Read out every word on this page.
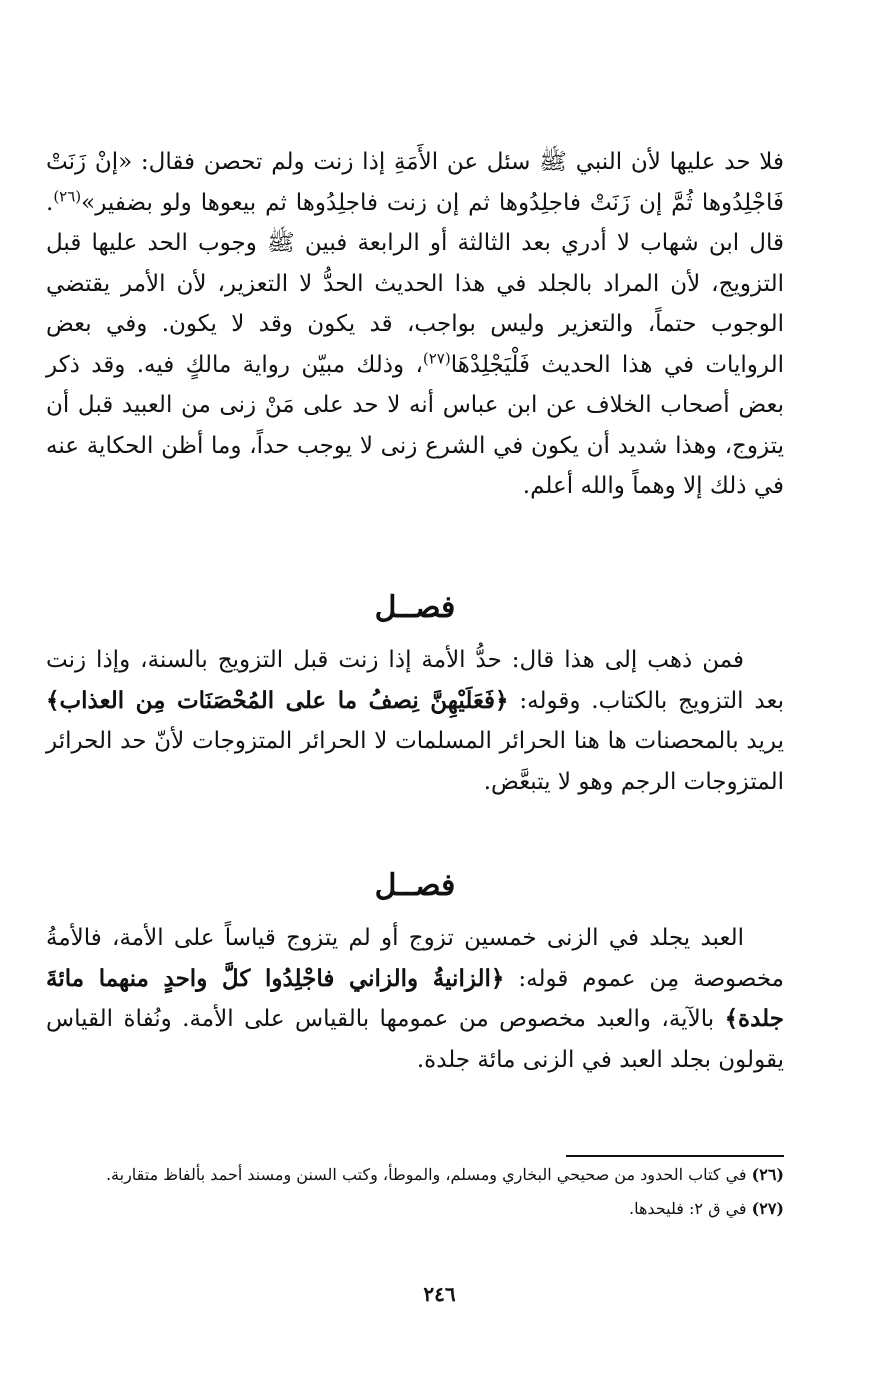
فلا حد عليها لأن النبي ﷺ سئل عن الأَمَةِ إذا زنت ولم تحصن فقال: «إنْ زَنَتْ فَاجْلِدُوها ثُمَّ إن زَنَتْ فاجلِدُوها ثم إن زنت فاجلِدُوها ثم بيعوها ولو بضفير»$^{(٢٦)}$. قال ابن شهاب لا أدري بعد الثالثة أو الرابعة فبين ﷺ وجوب الحد عليها قبل التزويج، لأن المراد بالجلد في هذا الحديث الحدُّ لا التعزير، لأن الأمر يقتضي الوجوب حتماً، والتعزير وليس بواجب، قد يكون وقد لا يكون. وفي بعض الروايات في هذا الحديث فَلْيَجْلِدْهَا$^{(٢٧)}$، وذلك مبيّن رواية مالكٍ فيه. وقد ذكر بعض أصحاب الخلاف عن ابن عباس أنه لا حد على مَنْ زنى من العبيد قبل أن يتزوج، وهذا شديد أن يكون في الشرع زنى لا يوجب حداً، وما أظن الحكاية عنه في ذلك إلا وهماً والله أعلم.
فصــل
فمن ذهب إلى هذا قال: حدُّ الأمة إذا زنت قبل التزويج بالسنة، وإذا زنت بعد التزويج بالكتاب. وقوله: ﴿فَعَلَيْهِنَّ نِصفُ ما على المُحْصَنَات مِن العذاب﴾ يريد بالمحصنات ها هنا الحرائر المسلمات لا الحرائر المتزوجات لأنّ حد الحرائر المتزوجات الرجم وهو لا يتبعَّض.
فصــل
العبد يجلد في الزنى خمسين تزوج أو لم يتزوج قياساً على الأمة، فالأمةُ مخصوصة مِن عموم قوله: ﴿الزانيةُ والزاني فاجْلِدُوا كلَّ واحدٍ منهما مائةَ جلدة﴾ بالآية، والعبد مخصوص من عمومها بالقياس على الأمة. ونُفاة القياس يقولون بجلد العبد في الزنى مائة جلدة.

(٢٦) في كتاب الحدود من صحيحي البخاري ومسلم، والموطأ، وكتب السنن ومسند أحمد بألفاظ متقاربة.

(٢٧) في ق ٢: فليحدها.

٢٤٦
